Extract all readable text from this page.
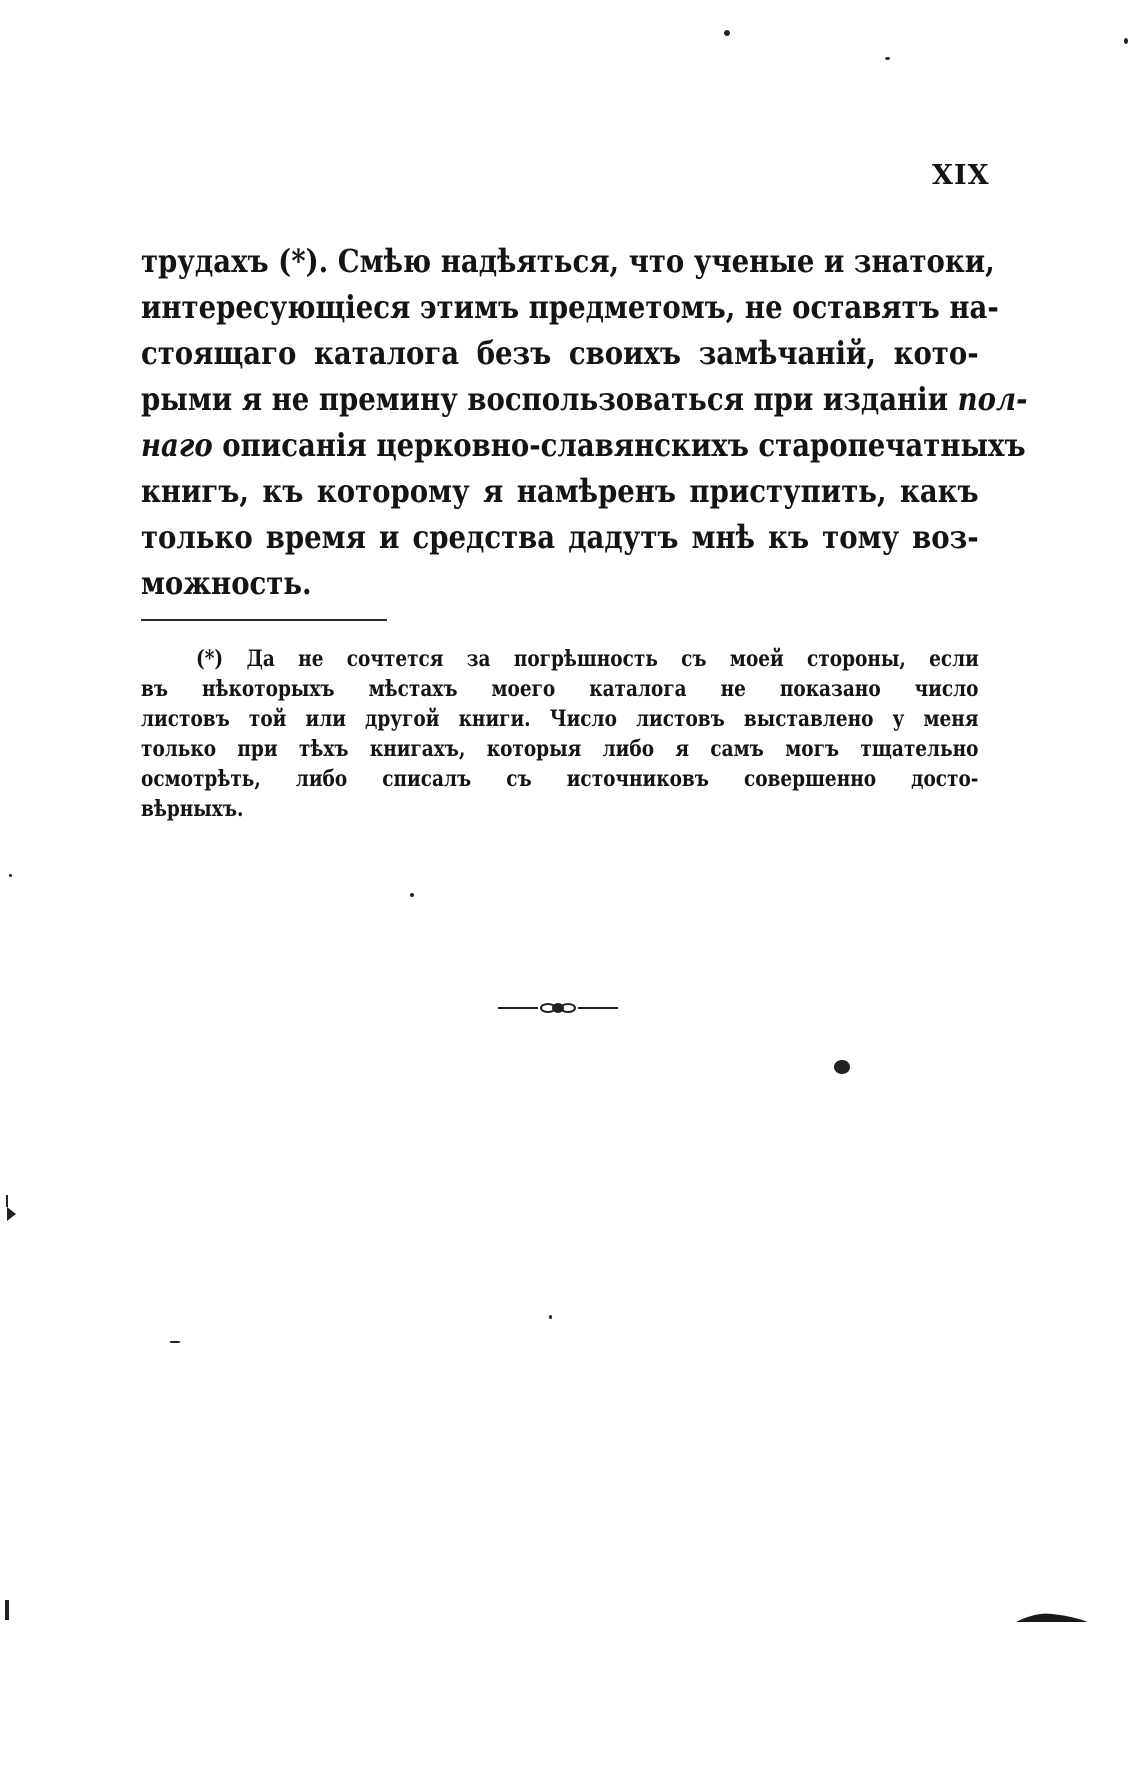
XIX
трудахъ (*). Смѣю надѣяться, что ученые и знатоки,
интересующіеся этимъ предметомъ, не оставятъ на-
стоящаго каталога безъ своихъ замѣчаній, кото-
рыми я не премину воспользоваться при изданіи пол-
наго описанія церковно-славянскихъ старопечатныхъ
книгъ, къ которому я намѣренъ приступить, какъ
только время и средства дадутъ мнѣ къ тому воз-
можность.
(*) Да не сочтется за погрѣшность съ моей стороны, если
въ нѣкоторыхъ мѣстахъ моего каталога не показано число
листовъ той или другой книги. Число листовъ выставлено у меня
только при тѣхъ книгахъ, которыя либо я самъ могъ тщательно
осмотрѣть, либо списалъ съ источниковъ совершенно досто-
вѣрныхъ.
